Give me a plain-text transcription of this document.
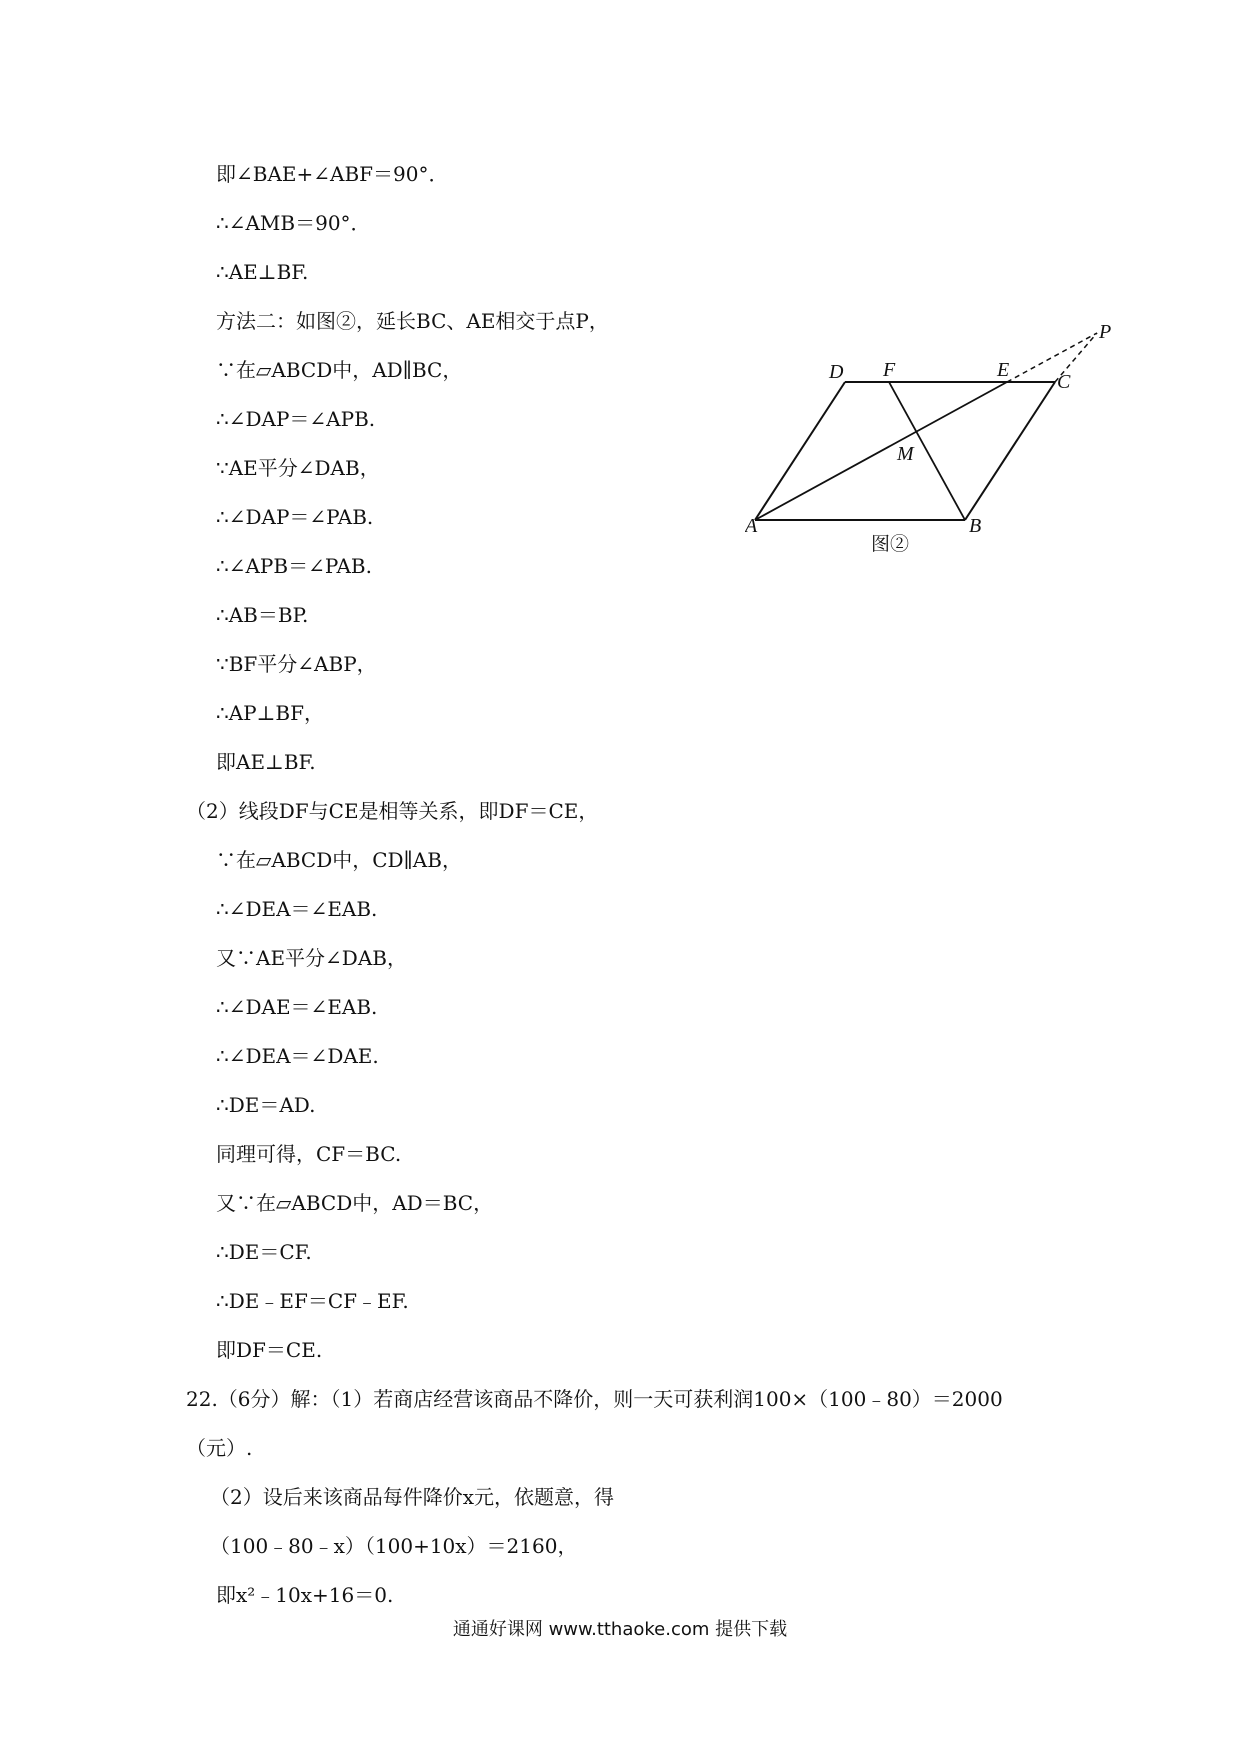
即∠BAE+∠ABF＝90°．
∴∠AMB＝90°．
∴AE⊥BF.
方法二：如图②，延长BC、AE相交于点P，
∵在▱ABCD中，AD∥BC，
∴∠DAP＝∠APB.
∵AE平分∠DAB，
∴∠DAP＝∠PAB.
∴∠APB＝∠PAB.
∴AB＝BP.
∵BF平分∠ABP，
∴AP⊥BF，
即AE⊥BF.
（2）线段DF与CE是相等关系，即DF＝CE，
∵在▱ABCD中，CD∥AB，
∴∠DEA＝∠EAB.
又∵AE平分∠DAB，
∴∠DAE＝∠EAB.
∴∠DEA＝∠DAE.
∴DE＝AD.
同理可得，CF＝BC.
又∵在▱ABCD中，AD＝BC，
∴DE＝CF.
∴DE﹣EF＝CF﹣EF.
即DF＝CE.
22.（6分）解：（1）若商店经营该商品不降价，则一天可获利润100×（100﹣80）＝2000
（元）.
（2）设后来该商品每件降价x元，依题意，得
（100﹣80﹣x）（100+10x）＝2160，
即x²﹣10x+16＝0.
A	B
C
D	E
F
M
P
图②
通通好课网 www.tthaoke.com 提供下载
